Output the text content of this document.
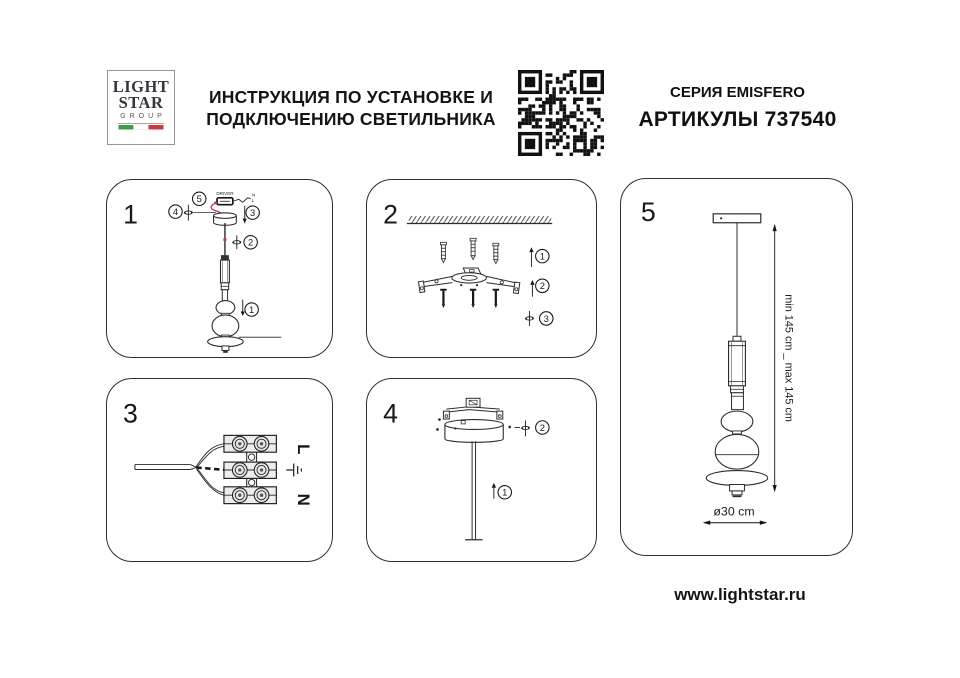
LIGHT
STAR
GROUP
ИНСТРУКЦИЯ ПО УСТАНОВКЕ И
ПОДКЛЮЧЕНИЮ СВЕТИЛЬНИКА
СЕРИЯ EMISFERO
АРТИКУЛЫ 737540
1
DRIVER	N
L
5
4	3
2
1
2
1
2
3
3
L
N
4	2
1
5
min 145 cm _ max 145 cm
ø30 cm
www.lightstar.ru
